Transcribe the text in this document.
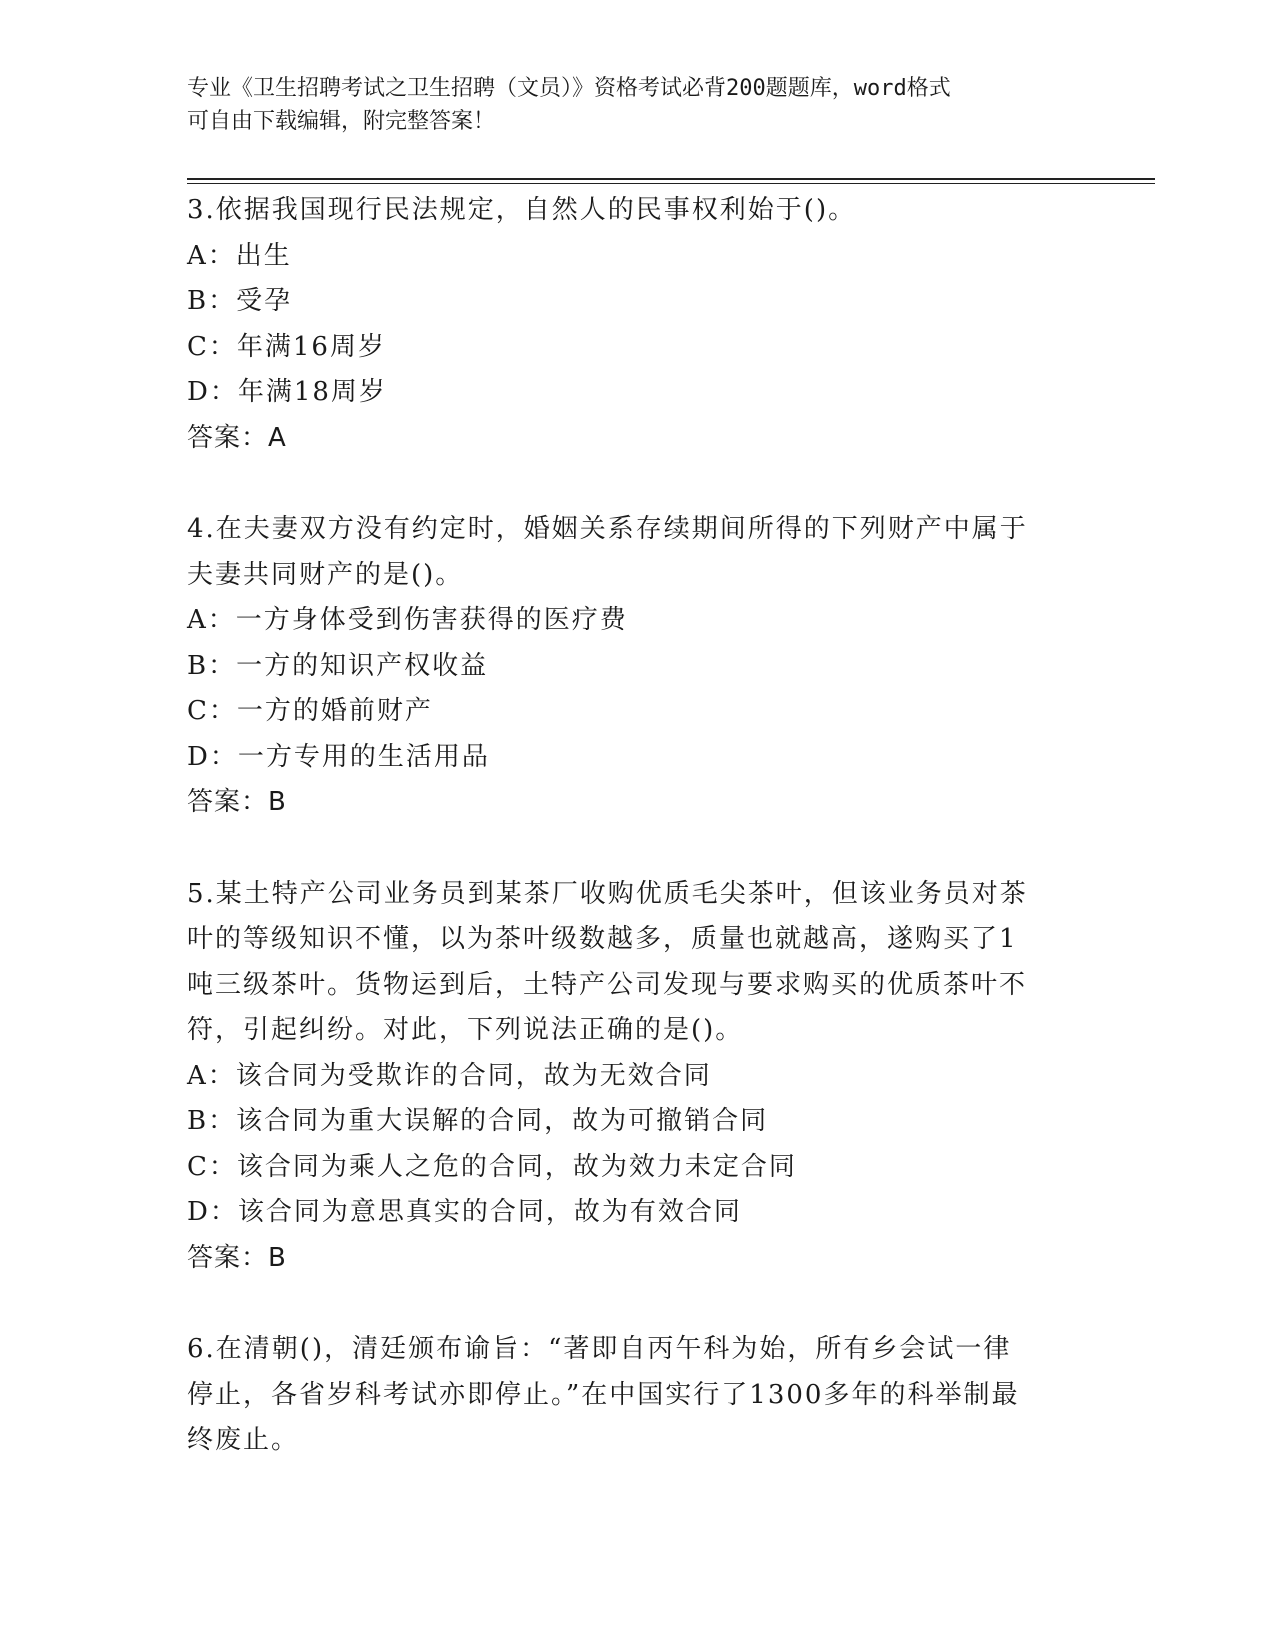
专业《卫生招聘考试之卫生招聘（文员）》资格考试必背200题题库，word格式
可自由下载编辑，附完整答案！
3.依据我国现行民法规定，自然人的民事权利始于()。
A：出生
B：受孕
C：年满16周岁
D：年满18周岁
答案：A
4.在夫妻双方没有约定时，婚姻关系存续期间所得的下列财产中属于
夫妻共同财产的是()。
A：一方身体受到伤害获得的医疗费
B：一方的知识产权收益
C：一方的婚前财产
D：一方专用的生活用品
答案：B
5.某土特产公司业务员到某茶厂收购优质毛尖茶叶，但该业务员对茶
叶的等级知识不懂，以为茶叶级数越多，质量也就越高，遂购买了1
吨三级茶叶。货物运到后，土特产公司发现与要求购买的优质茶叶不
符，引起纠纷。对此，下列说法正确的是()。
A：该合同为受欺诈的合同，故为无效合同
B：该合同为重大误解的合同，故为可撤销合同
C：该合同为乘人之危的合同，故为效力未定合同
D：该合同为意思真实的合同，故为有效合同
答案：B
6.在清朝()，清廷颁布谕旨：“著即自丙午科为始，所有乡会试一律
停止，各省岁科考试亦即停止。”在中国实行了1300多年的科举制最
终废止。
